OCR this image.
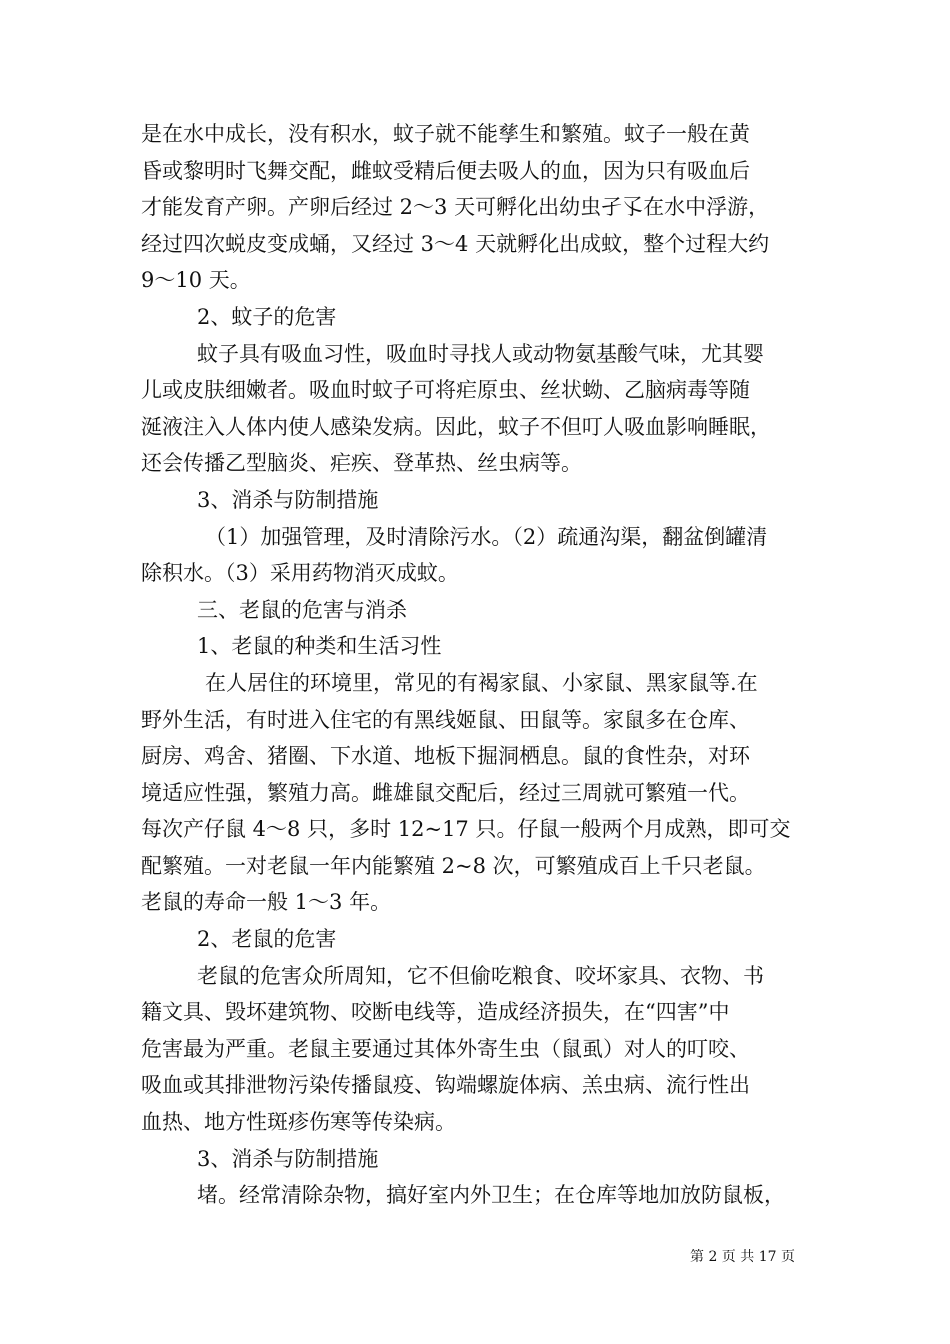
是在水中成长，没有积水，蚊子就不能孳生和繁殖。蚊子一般在黄
昏或黎明时飞舞交配，雌蚊受精后便去吸人的血，因为只有吸血后
才能发育产卵。产卵后经过 2～3 天可孵化出幼虫孑孓在水中浮游，
经过四次蜕皮变成蛹，又经过 3～4 天就孵化出成蚊，整个过程大约
9～10 天。
2、蚊子的危害
蚊子具有吸血习性，吸血时寻找人或动物氨基酸气味，尤其婴
儿或皮肤细嫩者。吸血时蚊子可将疟原虫、丝状蚴、乙脑病毒等随
涎液注入人体内使人感染发病。因此，蚊子不但叮人吸血影响睡眠，
还会传播乙型脑炎、疟疾、登革热、丝虫病等。
3、消杀与防制措施
（1）加强管理，及时清除污水。（2）疏通沟渠，翻盆倒罐清
除积水。（3）采用药物消灭成蚊。
三、老鼠的危害与消杀
1、老鼠的种类和生活习性
在人居住的环境里，常见的有褐家鼠、小家鼠、黑家鼠等.在
野外生活，有时进入住宅的有黑线姬鼠、田鼠等。家鼠多在仓库、
厨房、鸡舍、猪圈、下水道、地板下掘洞栖息。鼠的食性杂，对环
境适应性强，繁殖力高。雌雄鼠交配后，经过三周就可繁殖一代。
每次产仔鼠 4～8 只，多时 12~17 只。仔鼠一般两个月成熟，即可交
配繁殖。一对老鼠一年内能繁殖 2~8 次，可繁殖成百上千只老鼠。
老鼠的寿命一般 1～3 年。
2、老鼠的危害
老鼠的危害众所周知，它不但偷吃粮食、咬坏家具、衣物、书
籍文具、毁坏建筑物、咬断电线等，造成经济损失，在“四害”中
危害最为严重。老鼠主要通过其体外寄生虫（鼠虱）对人的叮咬、
吸血或其排泄物污染传播鼠疫、钩端螺旋体病、羔虫病、流行性出
血热、地方性斑疹伤寒等传染病。
3、消杀与防制措施
堵。经常清除杂物，搞好室内外卫生；在仓库等地加放防鼠板，
第 2 页 共 17 页
